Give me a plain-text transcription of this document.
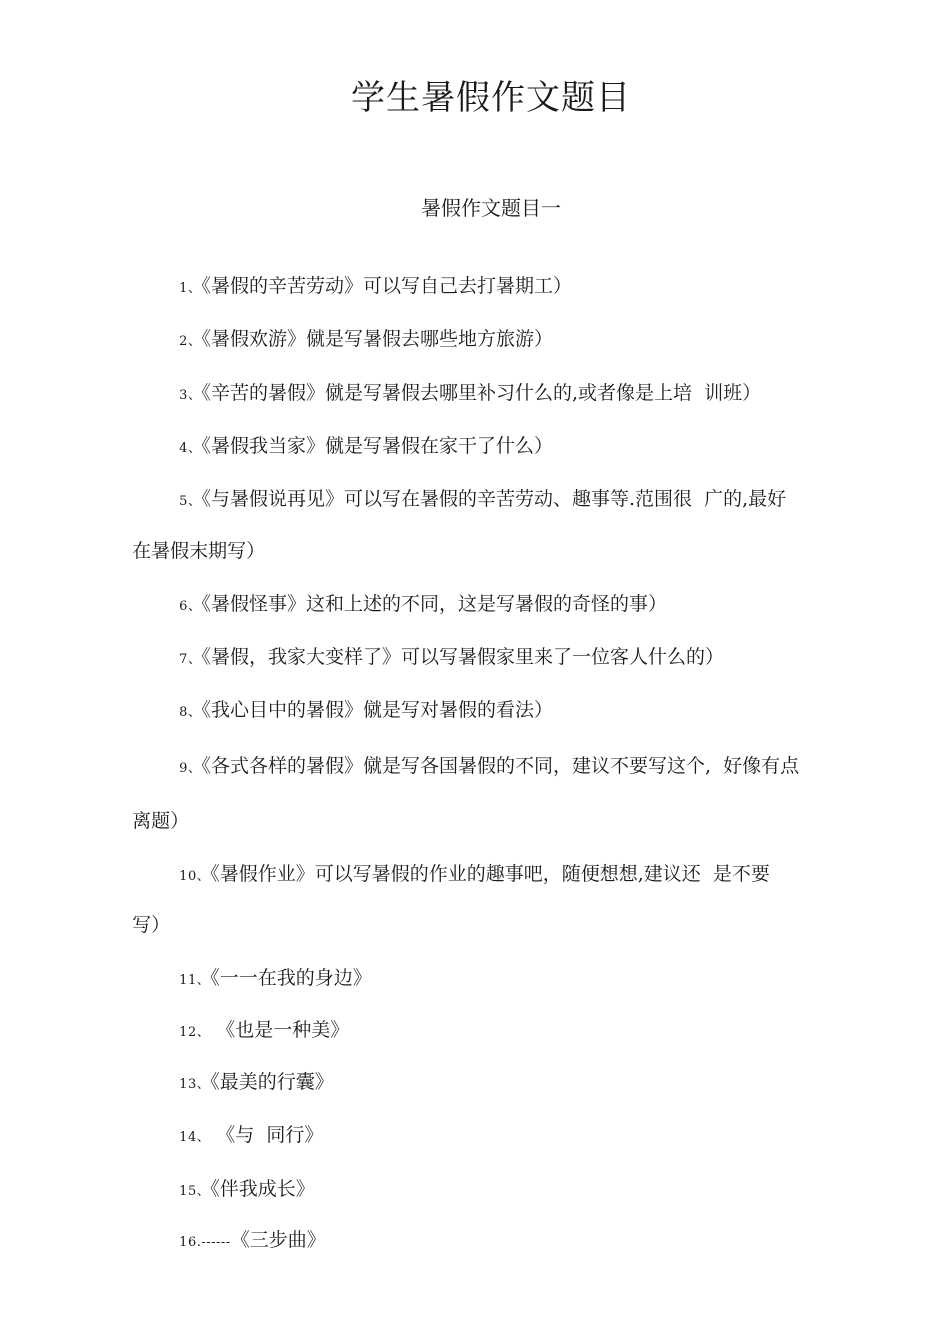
学生暑假作文题目
暑假作文题目一

1、《暑假的辛苦劳动》可以写自己去打暑期工）

2、《暑假欢游》僦是写暑假去哪些地方旅游）

3、《辛苦的暑假》僦是写暑假去哪里补习什么的,或者像是上培  训班）

4、《暑假我当家》僦是写暑假在家干了什么）

5、《与暑假说再见》可以写在暑假的辛苦劳动、趣事等.范围很  广的,最好

在暑假末期写）

6、《暑假怪事》这和上述的不同，这是写暑假的奇怪的事）

7、《暑假，我家大变样了》可以写暑假家里来了一位客人什么的）

8、《我心目中的暑假》僦是写对暑假的看法）

9、《各式各样的暑假》僦是写各国暑假的不同，建议不要写这个,  好像有点

离题）

10、《暑假作业》可以写暑假的作业的趣事吧，随便想想,建议还  是不要

写）

11、《一一在我的身边》

12、 《也是一种美》

13、《最美的行囊》

14、 《与  同行》

15、《伴我成长》

16.------《三步曲》
